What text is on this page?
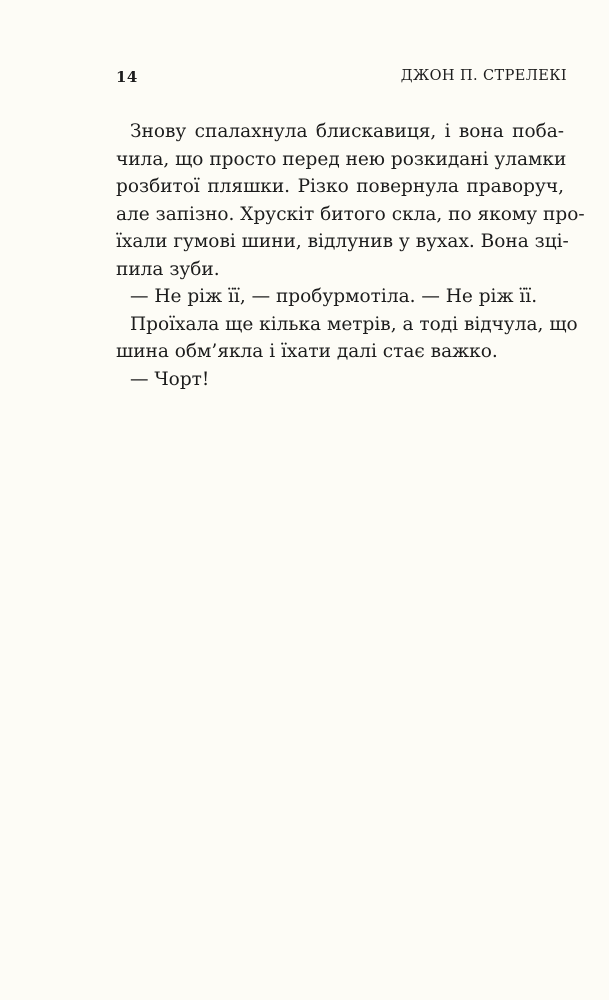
14	ДЖОН П. СТРЕЛЕКІ
Знову спалахнула блискавиця, і вона поба-
чила, що просто перед нею розкидані уламки
розбитої пляшки. Різко повернула праворуч,
але запізно. Хрускіт битого скла, по якому про-
їхали гумові шини, відлунив у вухах. Вона зці-
пила зуби.
— Не ріж її, — пробурмотіла. — Не ріж її.
Проїхала ще кілька метрів, а тоді відчула, що
шина обм’якла і їхати далі стає важко.
— Чорт!
